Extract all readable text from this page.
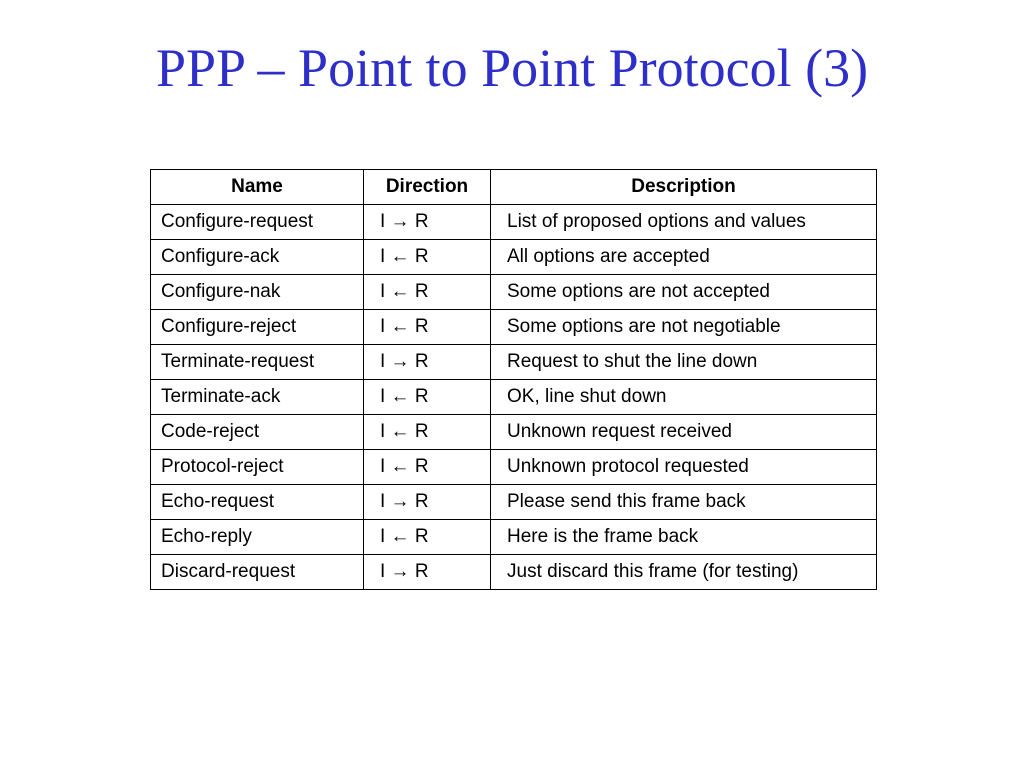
PPP – Point to Point Protocol (3)
Name	Direction	Description
Configure-request	I → R	List of proposed options and values
Configure-ack	I ← R	All options are accepted
Configure-nak	I ← R	Some options are not accepted
Configure-reject	I ← R	Some options are not negotiable
Terminate-request	I → R	Request to shut the line down
Terminate-ack	I ← R	OK, line shut down
Code-reject	I ← R	Unknown request received
Protocol-reject	I ← R	Unknown protocol requested
Echo-request	I → R	Please send this frame back
Echo-reply	I ← R	Here is the frame back
Discard-request	I → R	Just discard this frame (for testing)
